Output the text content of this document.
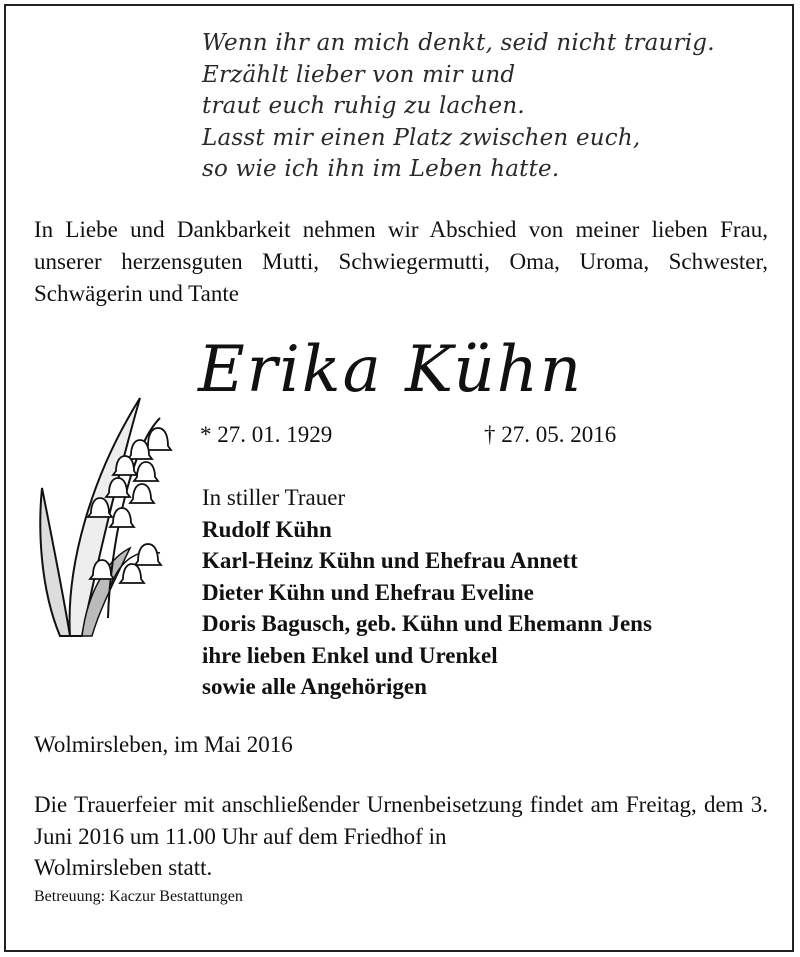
Wenn ihr an mich denkt, seid nicht traurig.
Erzählt lieber von mir und
traut euch ruhig zu lachen.
Lasst mir einen Platz zwischen euch,
so wie ich ihn im Leben hatte.
In Liebe und Dankbarkeit nehmen wir Abschied von meiner lieben Frau, unserer herzensguten Mutti, Schwiegermutti, Oma, Uroma, Schwester, Schwägerin und Tante
Erika Kühn
* 27. 01. 1929	† 27. 05. 2016
In stiller Trauer
Rudolf Kühn
Karl-Heinz Kühn und Ehefrau Annett
Dieter Kühn und Ehefrau Eveline
Doris Bagusch, geb. Kühn und Ehemann Jens
ihre lieben Enkel und Urenkel
sowie alle Angehörigen
Wolmirsleben, im Mai 2016
Die Trauerfeier mit anschließender Urnenbeisetzung findet am Freitag, dem 3. Juni 2016 um 11.00 Uhr auf dem Friedhof in
Wolmirsleben statt.
Betreuung: Kaczur Bestattungen
